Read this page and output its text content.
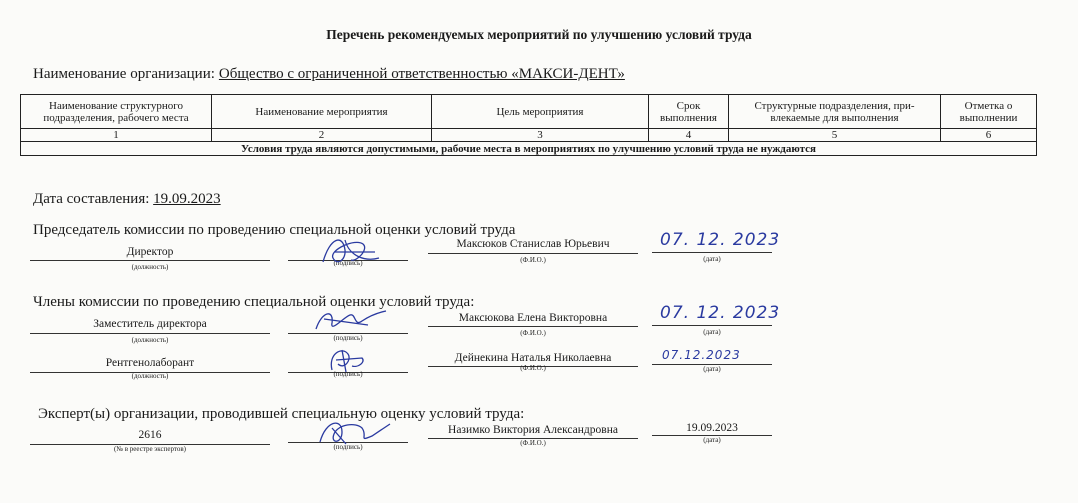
Перечень рекомендуемых мероприятий по улучшению условий труда
Наименование организации: Общество с ограниченной ответственностью «МАКСИ-ДЕНТ»
Наименование структурного подразделения, рабочего места	Наименование мероприятия	Цель мероприятия	Срок выполнения	Структурные подразделения, при-влекаемые для выполнения	Отметка о выполнении
1	2	3	4	5	6
Условия труда являются допустимыми, рабочие места в мероприятиях по улучшению условий труда не нуждаются					
Дата составления: 19.09.2023
Председатель комиссии по проведению специальной оценки условий труда
Директор
(должность)	(подпись)
Максюков Станислав Юрьевич
(Ф.И.О.)
07. 12. 2023
(дата)
Члены комиссии по проведению специальной оценки условий труда:
Заместитель директора
(должность)	(подпись)
Максюкова Елена Викторовна
(Ф.И.О.)
07. 12. 2023
(дата)
Рентгенолаборант
(должность)	(подпись)
Дейнекина Наталья Николаевна
(Ф.И.О.)
07.12.2023
(дата)
Эксперт(ы) организации, проводившей специальную оценку условий труда:
2616
(№ в реестре экспертов)	(подпись)
Назимко Виктория Александровна
(Ф.И.О.)
19.09.2023
(дата)
